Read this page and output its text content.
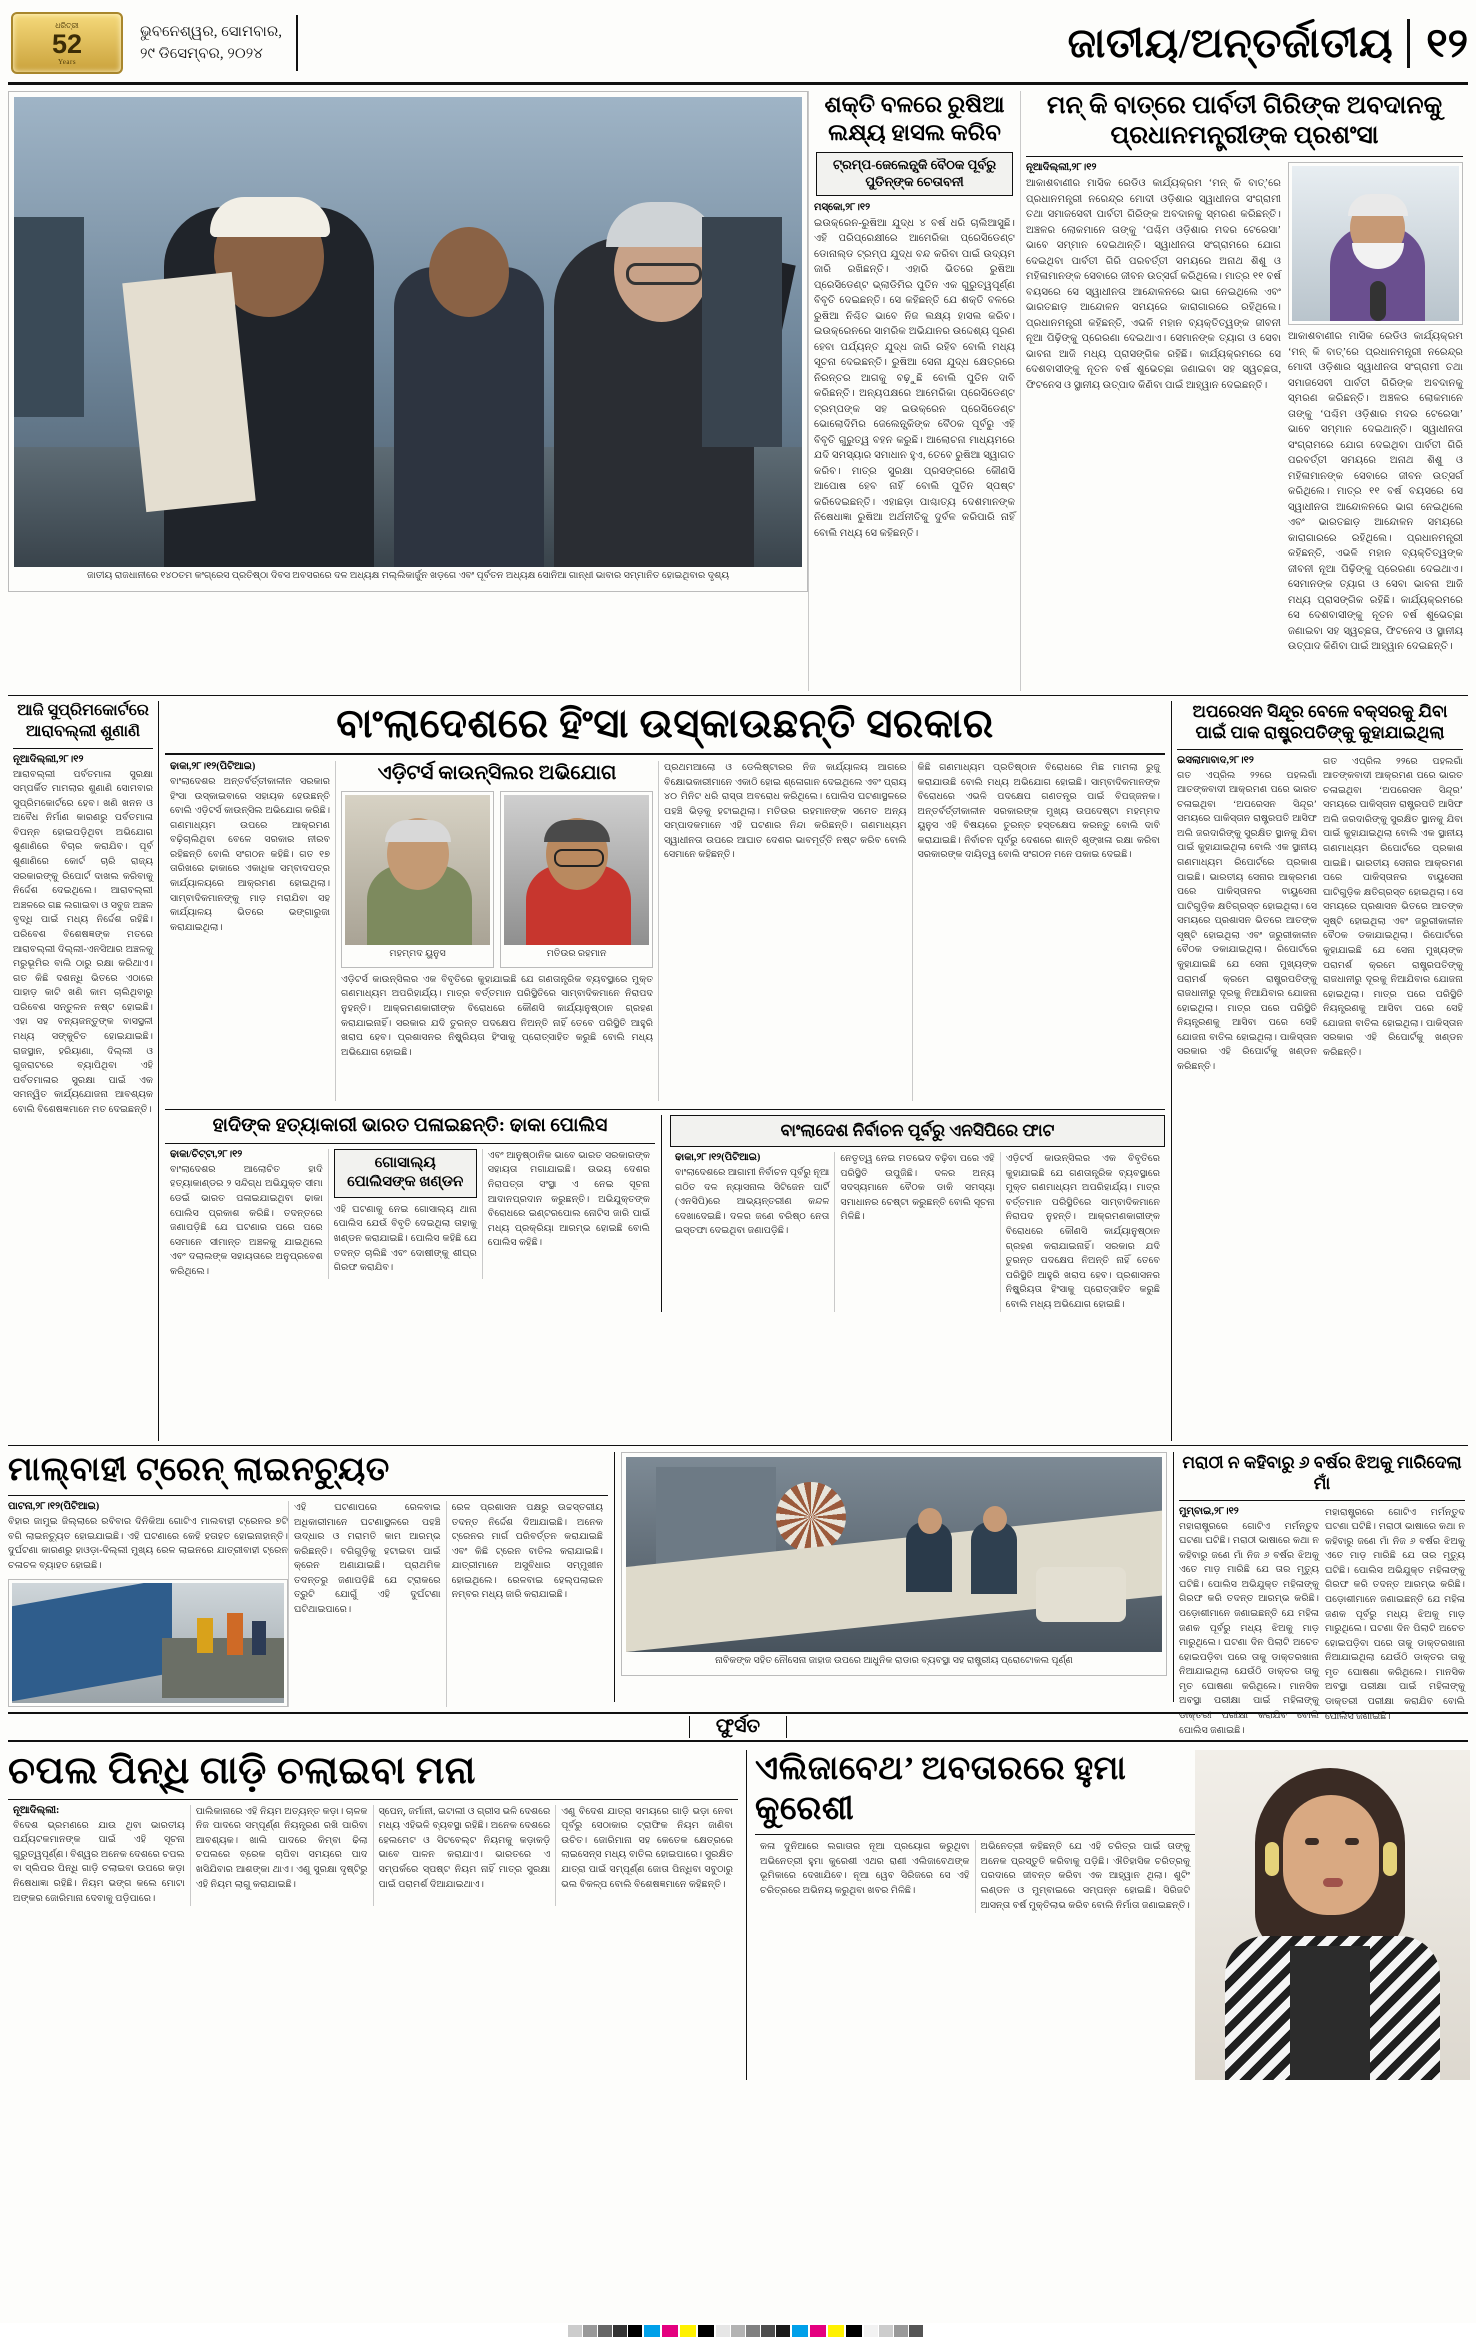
ଧରିତ୍ରୀ
52
Years
ଭୁବନେଶ୍ୱର, ସୋମବାର,
୨୯ ଡିସେମ୍ବର, ୨୦୨୪	ଜାତୀୟ/ଅନ୍ତର୍ଜାତୀୟ ୧୨
ଜାତୀୟ ରାଜଧାନୀରେ ୧୪୦ତମ କଂଗ୍ରେସ ପ୍ରତିଷ୍ଠା ଦିବସ ଅବସରରେ ଦଳ ଅଧ୍ୟକ୍ଷ ମଲ୍ଲିକାର୍ଜୁନ ଖଡ଼ଗେ ଏବଂ ପୂର୍ବତନ ଅଧ୍ୟକ୍ଷ ସୋନିଆ ଗାନ୍ଧୀ ଭାବାର ସମ୍ମାନିତ ହୋଇଥିବାର ଦୃଶ୍ୟ
ଶକ୍ତି ବଳରେ ରୁଷିଆ ଲକ୍ଷ୍ୟ ହାସଲ କରିବ
ଟ୍ରମ୍ପ-ଜେଲେନ୍ସ୍କି ବୈଠକ ପୂର୍ବରୁ ପୁତିନ୍‌ଙ୍କ ଚେତାବନୀ
ମସ୍କୋ,୨୮।୧୨
ଇଉକ୍ରେନ-ରୁଷିଆ ଯୁଦ୍ଧ ୪ ବର୍ଷ ଧରି ଚାଲିଆସୁଛି। ଏହି ପରିପ୍ରେକ୍ଷୀରେ ଆମେରିକା ପ୍ରେସିଡେଣ୍ଟ ଡୋନାଲ୍ଡ ଟ୍ରମ୍ପ ଯୁଦ୍ଧ ବନ୍ଦ କରିବା ପାଇଁ ଉଦ୍ୟମ ଜାରି ରଖିଛନ୍ତି। ଏହାରି ଭିତରେ ରୁଷିଆ ପ୍ରେସିଡେଣ୍ଟ ଭ୍ଲାଡିମିର ପୁତିନ ଏକ ଗୁରୁତ୍ୱପୂର୍ଣ୍ଣ ବିବୃତି ଦେଇଛନ୍ତି। ସେ କହିଛନ୍ତି ଯେ ଶକ୍ତି ବଳରେ ରୁଷିଆ ନିଶ୍ଚିତ ଭାବେ ନିଜ ଲକ୍ଷ୍ୟ ହାସଲ କରିବ। ଇଉକ୍ରେନରେ ସାମରିକ ଅଭିଯାନର ଉଦ୍ଦେଶ୍ୟ ପୂରଣ ହେବା ପର୍ଯ୍ୟନ୍ତ ଯୁଦ୍ଧ ଜାରି ରହିବ ବୋଲି ମଧ୍ୟ ସୂଚନା ଦେଇଛନ୍ତି। ରୁଷିଆ ସେନା ଯୁଦ୍ଧ କ୍ଷେତ୍ରରେ ନିରନ୍ତର ଆଗକୁ ବଢ଼ୁଛି ବୋଲି ପୁତିନ ଦାବି କରିଛନ୍ତି। ଅନ୍ୟପକ୍ଷରେ ଆମେରିକା ପ୍ରେସିଡେଣ୍ଟ ଟ୍ରମ୍ପଙ୍କ ସହ ଇଉକ୍ରେନ ପ୍ରେସିଡେଣ୍ଟ ଭୋଲୋଦିମିର ଜେଲେନ୍ସ୍କିଙ୍କ ବୈଠକ ପୂର୍ବରୁ ଏହି ବିବୃତି ଗୁରୁତ୍ୱ ବହନ କରୁଛି। ଆଲୋଚନା ମାଧ୍ୟମରେ ଯଦି ସମସ୍ୟାର ସମାଧାନ ହୁଏ, ତେବେ ରୁଷିଆ ସ୍ୱାଗତ କରିବ। ମାତ୍ର ସୁରକ୍ଷା ପ୍ରସଙ୍ଗରେ କୌଣସି ଆପୋଷ ହେବ ନାହିଁ ବୋଲି ପୁତିନ ସ୍ପଷ୍ଟ କରିଦେଇଛନ୍ତି। ଏହାଛଡ଼ା ପାଶ୍ଚାତ୍ୟ ଦେଶମାନଙ୍କ ନିଷେଧାଜ୍ଞା ରୁଷିଆ ଅର୍ଥନୀତିକୁ ଦୁର୍ବଳ କରିପାରି ନାହିଁ ବୋଲି ମଧ୍ୟ ସେ କହିଛନ୍ତି।
ମନ୍ କି ବାତ୍‌ରେ ପାର୍ବତୀ ଗିରିଙ୍କ ଅବଦାନକୁ ପ୍ରଧାନମନ୍ତ୍ରୀଙ୍କ ପ୍ରଶଂସା
ନୂଆଦିଲ୍ଲୀ,୨୮।୧୨
ଆକାଶବାଣୀର ମାସିକ ରେଡିଓ କାର୍ଯ୍ୟକ୍ରମ ‘ମନ୍ କି ବାତ୍‌’ରେ ପ୍ରଧାନମନ୍ତ୍ରୀ ନରେନ୍ଦ୍ର ମୋଦୀ ଓଡ଼ିଶାର ସ୍ୱାଧୀନତା ସଂଗ୍ରାମୀ ତଥା ସମାଜସେବୀ ପାର୍ବତୀ ଗିରିଙ୍କ ଅବଦାନକୁ ସ୍ମରଣ କରିଛନ୍ତି। ଅଞ୍ଚଳର ଲୋକମାନେ ତାଙ୍କୁ ‘ପଶ୍ଚିମ ଓଡ଼ିଶାର ମଦର ଟେରେସା’ ଭାବେ ସମ୍ମାନ ଦେଇଥାନ୍ତି। ସ୍ୱାଧୀନତା ସଂଗ୍ରାମରେ ଯୋଗ ଦେଇଥିବା ପାର୍ବତୀ ଗିରି ପରବର୍ତ୍ତୀ ସମୟରେ ଅନାଥ ଶିଶୁ ଓ ମହିଳାମାନଙ୍କ ସେବାରେ ଜୀବନ ଉତ୍ସର୍ଗ କରିଥିଲେ। ମାତ୍ର ୧୧ ବର୍ଷ ବୟସରେ ସେ ସ୍ୱାଧୀନତା ଆନ୍ଦୋଳନରେ ଭାଗ ନେଇଥିଲେ ଏବଂ ଭାରତଛାଡ଼ ଆନ୍ଦୋଳନ ସମୟରେ କାରାଗାରରେ ରହିଥିଲେ। ପ୍ରଧାନମନ୍ତ୍ରୀ କହିଛନ୍ତି, ଏଭଳି ମହାନ ବ୍ୟକ୍ତିତ୍ୱଙ୍କ ଜୀବନୀ ନୂଆ ପିଢ଼ିଙ୍କୁ ପ୍ରେରଣା ଦେଇଥାଏ। ସେମାନଙ୍କ ତ୍ୟାଗ ଓ ସେବା ଭାବନା ଆଜି ମଧ୍ୟ ପ୍ରାସଙ୍ଗିକ ରହିଛି। କାର୍ଯ୍ୟକ୍ରମରେ ସେ ଦେଶବାସୀଙ୍କୁ ନୂତନ ବର୍ଷ ଶୁଭେଚ୍ଛା ଜଣାଇବା ସହ ସ୍ୱଚ୍ଛତା, ଫିଟନେସ ଓ ସ୍ଥାନୀୟ ଉତ୍ପାଦ କିଣିବା ପାଇଁ ଆହ୍ୱାନ ଦେଇଛନ୍ତି।
ଆକାଶବାଣୀର ମାସିକ ରେଡିଓ କାର୍ଯ୍ୟକ୍ରମ ‘ମନ୍ କି ବାତ୍‌’ରେ ପ୍ରଧାନମନ୍ତ୍ରୀ ନରେନ୍ଦ୍ର ମୋଦୀ ଓଡ଼ିଶାର ସ୍ୱାଧୀନତା ସଂଗ୍ରାମୀ ତଥା ସମାଜସେବୀ ପାର୍ବତୀ ଗିରିଙ୍କ ଅବଦାନକୁ ସ୍ମରଣ କରିଛନ୍ତି। ଅଞ୍ଚଳର ଲୋକମାନେ ତାଙ୍କୁ ‘ପଶ୍ଚିମ ଓଡ଼ିଶାର ମଦର ଟେରେସା’ ଭାବେ ସମ୍ମାନ ଦେଇଥାନ୍ତି। ସ୍ୱାଧୀନତା ସଂଗ୍ରାମରେ ଯୋଗ ଦେଇଥିବା ପାର୍ବତୀ ଗିରି ପରବର୍ତ୍ତୀ ସମୟରେ ଅନାଥ ଶିଶୁ ଓ ମହିଳାମାନଙ୍କ ସେବାରେ ଜୀବନ ଉତ୍ସର୍ଗ କରିଥିଲେ। ମାତ୍ର ୧୧ ବର୍ଷ ବୟସରେ ସେ ସ୍ୱାଧୀନତା ଆନ୍ଦୋଳନରେ ଭାଗ ନେଇଥିଲେ ଏବଂ ଭାରତଛାଡ଼ ଆନ୍ଦୋଳନ ସମୟରେ କାରାଗାରରେ ରହିଥିଲେ। ପ୍ରଧାନମନ୍ତ୍ରୀ କହିଛନ୍ତି, ଏଭଳି ମହାନ ବ୍ୟକ୍ତିତ୍ୱଙ୍କ ଜୀବନୀ ନୂଆ ପିଢ଼ିଙ୍କୁ ପ୍ରେରଣା ଦେଇଥାଏ। ସେମାନଙ୍କ ତ୍ୟାଗ ଓ ସେବା ଭାବନା ଆଜି ମଧ୍ୟ ପ୍ରାସଙ୍ଗିକ ରହିଛି। କାର୍ଯ୍ୟକ୍ରମରେ ସେ ଦେଶବାସୀଙ୍କୁ ନୂତନ ବର୍ଷ ଶୁଭେଚ୍ଛା ଜଣାଇବା ସହ ସ୍ୱଚ୍ଛତା, ଫିଟନେସ ଓ ସ୍ଥାନୀୟ ଉତ୍ପାଦ କିଣିବା ପାଇଁ ଆହ୍ୱାନ ଦେଇଛନ୍ତି।
ଆଜି ସୁପ୍ରିମକୋର୍ଟରେ ଆରାବଲ୍ଲୀ ଶୁଣାଣି
ନୂଆଦିଲ୍ଲୀ,୨୮।୧୨
ଆରାବଲ୍ଲୀ ପର୍ବତମାଳା ସୁରକ୍ଷା ସମ୍ପର୍କିତ ମାମଲାର ଶୁଣାଣି ସୋମବାର ସୁପ୍ରିମକୋର୍ଟରେ ହେବ। ଖଣି ଖନନ ଓ ଅବୈଧ ନିର୍ମାଣ କାରଣରୁ ପର୍ବତମାଳା ବିପନ୍ନ ହୋଇପଡ଼ିଥିବା ଅଭିଯୋଗ ଶୁଣାଣିରେ ବିଚାର କରାଯିବ। ପୂର୍ବ ଶୁଣାଣିରେ କୋର୍ଟ ଚାରି ରାଜ୍ୟ ସରକାରଙ୍କୁ ରିପୋର୍ଟ ଦାଖଲ କରିବାକୁ ନିର୍ଦ୍ଦେଶ ଦେଇଥିଲେ। ଆରାବଲ୍ଲୀ ଅଞ୍ଚଳରେ ଗଛ ଲଗାଇବା ଓ ସବୁଜ ଅଞ୍ଚଳ ବୃଦ୍ଧି ପାଇଁ ମଧ୍ୟ ନିର୍ଦ୍ଦେଶ ରହିଛି। ପରିବେଶ ବିଶେଷଜ୍ଞଙ୍କ ମତରେ ଆରାବଲ୍ଲୀ ଦିଲ୍ଲୀ-ଏନସିଆର ଅଞ୍ଚଳକୁ ମରୁଭୂମିର ବାଲି ଠାରୁ ରକ୍ଷା କରିଥାଏ। ଗତ କିଛି ଦଶନ୍ଧି ଭିତରେ ଏଠାରେ ପାହାଡ଼ କାଟି ଖଣି କାମ ଚାଲିଥିବାରୁ ପରିବେଶ ସନ୍ତୁଳନ ନଷ୍ଟ ହୋଇଛି। ଏହା ସହ ବନ୍ୟଜନ୍ତୁଙ୍କ ବାସସ୍ଥଳୀ ମଧ୍ୟ ସଙ୍କୁଚିତ ହୋଇଯାଇଛି। ରାଜସ୍ଥାନ, ହରିୟାଣା, ଦିଲ୍ଲୀ ଓ ଗୁଜରାଟରେ ବ୍ୟାପିଥିବା ଏହି ପର୍ବତମାଳାର ସୁରକ୍ଷା ପାଇଁ ଏକ ସମନ୍ୱିତ କାର୍ଯ୍ୟଯୋଜନା ଆବଶ୍ୟକ ବୋଲି ବିଶେଷଜ୍ଞମାନେ ମତ ଦେଇଛନ୍ତି।
ବାଂଲାଦେଶରେ ହିଂସା ଉସ୍କାଉଛନ୍ତି ସରକାର
ଢାକା,୨୮।୧୨(ପିଟିଆଇ)
ବାଂଲାଦେଶର ଅନ୍ତର୍ବର୍ତ୍ତୀକାଳୀନ ସରକାର ହିଂସା ଉସ୍କାଇବାରେ ସହାୟକ ହେଉଛନ୍ତି ବୋଲି ଏଡ଼ିଟର୍ସ କାଉନ୍ସିଲ ଅଭିଯୋଗ କରିଛି। ଗଣମାଧ୍ୟମ ଉପରେ ଆକ୍ରମଣ ବଢ଼ିଚାଲିଥିବା ବେଳେ ସରକାର ନୀରବ ରହିଛନ୍ତି ବୋଲି ସଂଗଠନ କହିଛି। ଗତ ୧୭ ତାରିଖରେ ଢାକାରେ ଏକାଧିକ ସମ୍ବାଦପତ୍ର କାର୍ଯ୍ୟାଳୟରେ ଆକ୍ରମଣ ହୋଇଥିଲା। ସାମ୍ବାଦିକମାନଙ୍କୁ ମାଡ଼ ମରାଯିବା ସହ କାର୍ଯ୍ୟାଳୟ ଭିତରେ ଭଙ୍ଗାରୁଜା କରାଯାଇଥିଲା।
ଏଡ଼ିଟର୍ସ କାଉନ୍ସିଲର ଅଭିଯୋଗ
ମହମ୍ମଦ ୟୁନୁସ	ମତିଉର ରହମାନ
ଏଡ଼ିଟର୍ସ କାଉନ୍ସିଲର ଏକ ବିବୃତିରେ କୁହାଯାଇଛି ଯେ ଗଣତାନ୍ତ୍ରିକ ବ୍ୟବସ୍ଥାରେ ମୁକ୍ତ ଗଣମାଧ୍ୟମ ଅପରିହାର୍ଯ୍ୟ। ମାତ୍ର ବର୍ତ୍ତମାନ ପରିସ୍ଥିତିରେ ସାମ୍ବାଦିକମାନେ ନିରାପଦ ନୁହନ୍ତି। ଆକ୍ରମଣକାରୀଙ୍କ ବିରୋଧରେ କୌଣସି କାର୍ଯ୍ୟାନୁଷ୍ଠାନ ଗ୍ରହଣ କରାଯାଇନାହିଁ। ସରକାର ଯଦି ତୁରନ୍ତ ପଦକ୍ଷେପ ନିଅନ୍ତି ନାହିଁ ତେବେ ପରିସ୍ଥିତି ଆହୁରି ଖରାପ ହେବ। ପ୍ରଶାସନର ନିଷ୍କ୍ରିୟତା ହିଂସାକୁ ପ୍ରୋତ୍ସାହିତ କରୁଛି ବୋଲି ମଧ୍ୟ ଅଭିଯୋଗ ହୋଇଛି।
ପ୍ରଥମଆଲୋ ଓ ଡେଲିଷ୍ଟାରର ନିଜ କାର୍ଯ୍ୟାଳୟ ଆଗରେ ବିକ୍ଷୋଭକାରୀମାନେ ଏକାଠି ହୋଇ ଶ୍ଳୋଗାନ ଦେଇଥିଲେ ଏବଂ ପ୍ରାୟ ୪୦ ମିନିଟ ଧରି ରାସ୍ତା ଅବରୋଧ କରିଥିଲେ। ପୋଲିସ ଘଟଣାସ୍ଥଳରେ ପହଞ୍ଚି ଭିଡ଼କୁ ହଟାଇଥିଲା। ମତିଉର ରହମାନଙ୍କ ସମେତ ଅନ୍ୟ ସମ୍ପାଦକମାନେ ଏହି ଘଟଣାର ନିନ୍ଦା କରିଛନ୍ତି। ଗଣମାଧ୍ୟମ ସ୍ୱାଧୀନତା ଉପରେ ଆଘାତ ଦେଶର ଭାବମୂର୍ତ୍ତି ନଷ୍ଟ କରିବ ବୋଲି ସେମାନେ କହିଛନ୍ତି।
କିଛି ଗଣମାଧ୍ୟମ ପ୍ରତିଷ୍ଠାନ ବିରୋଧରେ ମିଛ ମାମଲା ରୁଜୁ କରାଯାଉଛି ବୋଲି ମଧ୍ୟ ଅଭିଯୋଗ ହୋଇଛି। ସାମ୍ବାଦିକମାନଙ୍କ ବିରୋଧରେ ଏଭଳି ପଦକ୍ଷେପ ଗଣତନ୍ତ୍ର ପାଇଁ ବିପଜ୍ଜନକ। ଅନ୍ତର୍ବର୍ତ୍ତୀକାଳୀନ ସରକାରଙ୍କ ମୁଖ୍ୟ ଉପଦେଷ୍ଟା ମହମ୍ମଦ ୟୁନୁସ ଏହି ବିଷୟରେ ତୁରନ୍ତ ହସ୍ତକ୍ଷେପ କରନ୍ତୁ ବୋଲି ଦାବି କରାଯାଇଛି। ନିର୍ବାଚନ ପୂର୍ବରୁ ଦେଶରେ ଶାନ୍ତି ଶୃଙ୍ଖଳା ରକ୍ଷା କରିବା ସରକାରଙ୍କ ଦାୟିତ୍ୱ ବୋଲି ସଂଗଠନ ମନେ ପକାଇ ଦେଇଛି।
ହାଦିଙ୍କ ହତ୍ୟାକାରୀ ଭାରତ ପଳାଇଛନ୍ତି: ଢାକା ପୋଲିସ
ଢାକା/ଚିଟ୍ଟା,୨୮।୧୨
ବାଂଲାଦେଶର ଆଲୋଚିତ ହାଦି ହତ୍ୟାକାଣ୍ଡର ୨ ସନ୍ଦିଗ୍ଧ ଅଭିଯୁକ୍ତ ସୀମା ଡେଇଁ ଭାରତ ପଳାଇଯାଇଥିବା ଢାକା ପୋଲିସ ପ୍ରକାଶ କରିଛି। ତଦନ୍ତରେ ଜଣାପଡ଼ିଛି ଯେ ଘଟଣାର ପରେ ପରେ ସେମାନେ ସୀମାନ୍ତ ଅଞ୍ଚଳକୁ ଯାଇଥିଲେ ଏବଂ ଦଲାଲଙ୍କ ସହାୟତାରେ ଅନୁପ୍ରବେଶ କରିଥିଲେ।
ଗୋସାଲ୍ୟ ପୋଲିସଙ୍କ ଖଣ୍ଡନ
ଏହି ଘଟଣାକୁ ନେଇ ଗୋସାଲ୍ୟ ଥାନା ପୋଲିସ ଯେଉଁ ବିବୃତି ଦେଇଥିଲା ତାହାକୁ ଖଣ୍ଡନ କରାଯାଇଛି। ପୋଲିସ କହିଛି ଯେ ତଦନ୍ତ ଚାଲିଛି ଏବଂ ଦୋଷୀଙ୍କୁ ଶୀଘ୍ର ଗିରଫ କରାଯିବ।
ଏବଂ ଆନୁଷ୍ଠାନିକ ଭାବେ ଭାରତ ସରକାରଙ୍କ ସହାୟତା ମଗାଯାଇଛି। ଉଭୟ ଦେଶର ନିରାପତ୍ତା ସଂସ୍ଥା ଏ ନେଇ ସୂଚନା ଆଦାନପ୍ରଦାନ କରୁଛନ୍ତି। ଅଭିଯୁକ୍ତଙ୍କ ବିରୋଧରେ ଇଣ୍ଟରପୋଲ ନୋଟିସ ଜାରି ପାଇଁ ମଧ୍ୟ ପ୍ରକ୍ରିୟା ଆରମ୍ଭ ହୋଇଛି ବୋଲି ପୋଲିସ କହିଛି।
ବାଂଲାଦେଶ ନିର୍ବାଚନ ପୂର୍ବରୁ ଏନସିପିରେ ଫାଟ
ଢାକା,୨୮।୧୨(ପିଟିଆଇ)
ବାଂଲାଦେଶରେ ଆଗାମୀ ନିର୍ବାଚନ ପୂର୍ବରୁ ନୂଆ ଗଠିତ ଦଳ ନ୍ୟାସନାଲ ସିଟିଜେନ ପାର୍ଟି (ଏନସିପି)ରେ ଆଭ୍ୟନ୍ତରୀଣ କନ୍ଦଳ ଦେଖାଦେଇଛି। ଦଳର ଜଣେ ବରିଷ୍ଠ ନେତା ଇସ୍ତଫା ଦେଇଥିବା ଜଣାପଡ଼ିଛି।
ନେତୃତ୍ୱ ନେଇ ମତଭେଦ ବଢ଼ିବା ପରେ ଏହି ପରିସ୍ଥିତି ଉପୁଜିଛି। ଦଳର ଅନ୍ୟ ସଦସ୍ୟମାନେ ବୈଠକ ଡାକି ସମସ୍ୟା ସମାଧାନର ଚେଷ୍ଟା କରୁଛନ୍ତି ବୋଲି ସୂଚନା ମିଳିଛି।
ଏଡ଼ିଟର୍ସ କାଉନ୍ସିଲର ଏକ ବିବୃତିରେ କୁହାଯାଇଛି ଯେ ଗଣତାନ୍ତ୍ରିକ ବ୍ୟବସ୍ଥାରେ ମୁକ୍ତ ଗଣମାଧ୍ୟମ ଅପରିହାର୍ଯ୍ୟ। ମାତ୍ର ବର୍ତ୍ତମାନ ପରିସ୍ଥିତିରେ ସାମ୍ବାଦିକମାନେ ନିରାପଦ ନୁହନ୍ତି। ଆକ୍ରମଣକାରୀଙ୍କ ବିରୋଧରେ କୌଣସି କାର୍ଯ୍ୟାନୁଷ୍ଠାନ ଗ୍ରହଣ କରାଯାଇନାହିଁ। ସରକାର ଯଦି ତୁରନ୍ତ ପଦକ୍ଷେପ ନିଅନ୍ତି ନାହିଁ ତେବେ ପରିସ୍ଥିତି ଆହୁରି ଖରାପ ହେବ। ପ୍ରଶାସନର ନିଷ୍କ୍ରିୟତା ହିଂସାକୁ ପ୍ରୋତ୍ସାହିତ କରୁଛି ବୋଲି ମଧ୍ୟ ଅଭିଯୋଗ ହୋଇଛି।
ଅପରେସନ ସିନ୍ଦୂର ବେଳେ ବକ୍ସରକୁ ଯିବା ପାଇଁ ପାକ ରାଷ୍ଟ୍ରପତିଙ୍କୁ କୁହାଯାଇଥିଲା
ଇସଲାମାବାଦ,୨୮।୧୨
ଗତ ଏପ୍ରିଲ ୨୨ରେ ପହଲଗାଁ ଆତଙ୍କବାଦୀ ଆକ୍ରମଣ ପରେ ଭାରତ ଚଳାଇଥିବା ‘ଅପରେସନ ସିନ୍ଦୂର’ ସମୟରେ ପାକିସ୍ତାନ ରାଷ୍ଟ୍ରପତି ଆସିଫ ଅଲି ଜରଦାରିଙ୍କୁ ସୁରକ୍ଷିତ ସ୍ଥାନକୁ ଯିବା ପାଇଁ କୁହାଯାଇଥିଲା ବୋଲି ଏକ ସ୍ଥାନୀୟ ଗଣମାଧ୍ୟମ ରିପୋର୍ଟରେ ପ୍ରକାଶ ପାଇଛି। ଭାରତୀୟ ସେନାର ଆକ୍ରମଣ ପରେ ପାକିସ୍ତାନର ବାୟୁସେନା ଘାଟିଗୁଡ଼ିକ କ୍ଷତିଗ୍ରସ୍ତ ହୋଇଥିଲା। ସେ ସମୟରେ ପ୍ରଶାସନ ଭିତରେ ଆତଙ୍କ ସୃଷ୍ଟି ହୋଇଥିଲା ଏବଂ ଜରୁରୀକାଳୀନ ବୈଠକ ଡକାଯାଇଥିଲା। ରିପୋର୍ଟରେ କୁହାଯାଇଛି ଯେ ସେନା ମୁଖ୍ୟଙ୍କ ପରାମର୍ଶ କ୍ରମେ ରାଷ୍ଟ୍ରପତିଙ୍କୁ ରାଜଧାନୀରୁ ଦୂରକୁ ନିଆଯିବାର ଯୋଜନା ହୋଇଥିଲା। ମାତ୍ର ପରେ ପରିସ୍ଥିତି ନିୟନ୍ତ୍ରଣକୁ ଆସିବା ପରେ ସେହି ଯୋଜନା ବାତିଲ ହୋଇଥିଲା। ପାକିସ୍ତାନ ସରକାର ଏହି ରିପୋର୍ଟକୁ ଖଣ୍ଡନ କରିଛନ୍ତି।
ଗତ ଏପ୍ରିଲ ୨୨ରେ ପହଲଗାଁ ଆତଙ୍କବାଦୀ ଆକ୍ରମଣ ପରେ ଭାରତ ଚଳାଇଥିବା ‘ଅପରେସନ ସିନ୍ଦୂର’ ସମୟରେ ପାକିସ୍ତାନ ରାଷ୍ଟ୍ରପତି ଆସିଫ ଅଲି ଜରଦାରିଙ୍କୁ ସୁରକ୍ଷିତ ସ୍ଥାନକୁ ଯିବା ପାଇଁ କୁହାଯାଇଥିଲା ବୋଲି ଏକ ସ୍ଥାନୀୟ ଗଣମାଧ୍ୟମ ରିପୋର୍ଟରେ ପ୍ରକାଶ ପାଇଛି। ଭାରତୀୟ ସେନାର ଆକ୍ରମଣ ପରେ ପାକିସ୍ତାନର ବାୟୁସେନା ଘାଟିଗୁଡ଼ିକ କ୍ଷତିଗ୍ରସ୍ତ ହୋଇଥିଲା। ସେ ସମୟରେ ପ୍ରଶାସନ ଭିତରେ ଆତଙ୍କ ସୃଷ୍ଟି ହୋଇଥିଲା ଏବଂ ଜରୁରୀକାଳୀନ ବୈଠକ ଡକାଯାଇଥିଲା। ରିପୋର୍ଟରେ କୁହାଯାଇଛି ଯେ ସେନା ମୁଖ୍ୟଙ୍କ ପରାମର୍ଶ କ୍ରମେ ରାଷ୍ଟ୍ରପତିଙ୍କୁ ରାଜଧାନୀରୁ ଦୂରକୁ ନିଆଯିବାର ଯୋଜନା ହୋଇଥିଲା। ମାତ୍ର ପରେ ପରିସ୍ଥିତି ନିୟନ୍ତ୍ରଣକୁ ଆସିବା ପରେ ସେହି ଯୋଜନା ବାତିଲ ହୋଇଥିଲା। ପାକିସ୍ତାନ ସରକାର ଏହି ରିପୋର୍ଟକୁ ଖଣ୍ଡନ କରିଛନ୍ତି।
ମାଲ୍‌ବାହୀ ଟ୍ରେନ୍ ଲାଇନଚ୍ୟୁତ
ପାଟନା,୨୮।୧୨(ପିଟିଆଇ)
ବିହାର ଜାମୁଇ ଜିଲ୍ଲାରେ ରବିବାର ଦିନିକିଆ ଗୋଟିଏ ମାଲବାହୀ ଟ୍ରେନର ୭ଟି ବଗି ଲାଇନଚ୍ୟୁତ ହୋଇଯାଇଛି। ଏହି ଘଟଣାରେ କେହି ହତାହତ ହୋଇନାହାନ୍ତି। ଦୁର୍ଘଟଣା କାରଣରୁ ହାଓଡ଼ା-ଦିଲ୍ଲୀ ମୁଖ୍ୟ ରେଳ ଲାଇନରେ ଯାତ୍ରୀବାହୀ ଟ୍ରେନ ଚଳାଚଳ ବ୍ୟାହତ ହୋଇଛି।
ଏହି ଘଟଣାପରେ ରେଳବାଇ ଅଧିକାରୀମାନେ ଘଟଣାସ୍ଥଳରେ ପହଞ୍ଚି ଉଦ୍ଧାର ଓ ମରାମତି କାମ ଆରମ୍ଭ କରିଛନ୍ତି। ବଗିଗୁଡ଼ିକୁ ହଟାଇବା ପାଇଁ କ୍ରେନ ଅଣାଯାଇଛି। ପ୍ରାଥମିକ ତଦନ୍ତରୁ ଜଣାପଡ଼ିଛି ଯେ ଟ୍ରାକରେ ତ୍ରୁଟି ଯୋଗୁଁ ଏହି ଦୁର୍ଘଟଣା ଘଟିଥାଇପାରେ।
ରେଳ ପ୍ରଶାସନ ପକ୍ଷରୁ ଉଚ୍ଚସ୍ତରୀୟ ତଦନ୍ତ ନିର୍ଦ୍ଦେଶ ଦିଆଯାଇଛି। ଅନେକ ଟ୍ରେନର ମାର୍ଗ ପରିବର୍ତ୍ତନ କରାଯାଇଛି ଏବଂ କିଛି ଟ୍ରେନ ବାତିଲ କରାଯାଇଛି। ଯାତ୍ରୀମାନେ ଅସୁବିଧାର ସମ୍ମୁଖୀନ ହୋଇଥିଲେ। ରେଳବାଇ ହେଲ୍ପଲାଇନ ନମ୍ବର ମଧ୍ୟ ଜାରି କରାଯାଇଛି।
ନାବିକଙ୍କ ସହିତ ନୌସେନା ଜାହାଜ ଉପରେ ଆଧୁନିକ ରାଡାର ବ୍ୟବସ୍ଥା ସହ ରାଷ୍ଟ୍ରୀୟ ପ୍ରୋଟୋକଲ ପୂର୍ଣ୍ଣ
ମରାଠୀ ନ କହିବାରୁ ୬ ବର୍ଷର ଝିଅକୁ ମାରିଦେଲା ମାଁ
ମୁମ୍ବାଇ,୨୮।୧୨
ମହାରାଷ୍ଟ୍ରରେ ଗୋଟିଏ ମର୍ମନ୍ତୁଦ ଘଟଣା ଘଟିଛି। ମରାଠୀ ଭାଷାରେ କଥା ନ କହିବାରୁ ଜଣେ ମାଁ ନିଜ ୬ ବର୍ଷର ଝିଅକୁ ଏତେ ମାଡ଼ ମାରିଛି ଯେ ତାର ମୃତ୍ୟୁ ଘଟିଛି। ପୋଲିସ ଅଭିଯୁକ୍ତ ମହିଳାଙ୍କୁ ଗିରଫ କରି ତଦନ୍ତ ଆରମ୍ଭ କରିଛି। ପଡ଼ୋଶୀମାନେ ଜଣାଇଛନ୍ତି ଯେ ମହିଳା ଜଣକ ପୂର୍ବରୁ ମଧ୍ୟ ଝିଅକୁ ମାଡ଼ ମାରୁଥିଲେ। ଘଟଣା ଦିନ ପିଲାଟି ଅଚେତ ହୋଇପଡ଼ିବା ପରେ ତାକୁ ଡାକ୍ତରଖାନା ନିଆଯାଇଥିଲା ଯେଉଁଠି ଡାକ୍ତର ତାକୁ ମୃତ ଘୋଷଣା କରିଥିଲେ। ମାନସିକ ଅବସ୍ଥା ପରୀକ୍ଷା ପାଇଁ ମହିଳାଙ୍କୁ ଡାକ୍ତରୀ ପରୀକ୍ଷା କରାଯିବ ବୋଲି ପୋଲିସ ଜଣାଇଛି।
ମହାରାଷ୍ଟ୍ରରେ ଗୋଟିଏ ମର୍ମନ୍ତୁଦ ଘଟଣା ଘଟିଛି। ମରାଠୀ ଭାଷାରେ କଥା ନ କହିବାରୁ ଜଣେ ମାଁ ନିଜ ୬ ବର୍ଷର ଝିଅକୁ ଏତେ ମାଡ଼ ମାରିଛି ଯେ ତାର ମୃତ୍ୟୁ ଘଟିଛି। ପୋଲିସ ଅଭିଯୁକ୍ତ ମହିଳାଙ୍କୁ ଗିରଫ କରି ତଦନ୍ତ ଆରମ୍ଭ କରିଛି। ପଡ଼ୋଶୀମାନେ ଜଣାଇଛନ୍ତି ଯେ ମହିଳା ଜଣକ ପୂର୍ବରୁ ମଧ୍ୟ ଝିଅକୁ ମାଡ଼ ମାରୁଥିଲେ। ଘଟଣା ଦିନ ପିଲାଟି ଅଚେତ ହୋଇପଡ଼ିବା ପରେ ତାକୁ ଡାକ୍ତରଖାନା ନିଆଯାଇଥିଲା ଯେଉଁଠି ଡାକ୍ତର ତାକୁ ମୃତ ଘୋଷଣା କରିଥିଲେ। ମାନସିକ ଅବସ୍ଥା ପରୀକ୍ଷା ପାଇଁ ମହିଳାଙ୍କୁ ଡାକ୍ତରୀ ପରୀକ୍ଷା କରାଯିବ ବୋଲି ପୋଲିସ ଜଣାଇଛି।
ଫୁର୍ସତ
ଚପଲ ପିନ୍ଧି ଗାଡ଼ି ଚଲାଇବା ମନା
ନୂଆଦିଲ୍ଲୀ:
ବିଦେଶ ଭ୍ରମଣରେ ଯାଉ ଥିବା ଭାରତୀୟ ପର୍ଯ୍ୟଟକମାନଙ୍କ ପାଇଁ ଏହି ସୂଚନା ଗୁରୁତ୍ୱପୂର୍ଣ୍ଣ। ବିଶ୍ୱର ଅନେକ ଦେଶରେ ଚପଲ ବା ସ୍ଲିପର ପିନ୍ଧି ଗାଡ଼ି ଚଲାଇବା ଉପରେ କଡ଼ା ନିଷେଧାଜ୍ଞା ରହିଛି। ନିୟମ ଭଙ୍ଗ କଲେ ମୋଟା ଅଙ୍କର ଜୋରିମାନା ଦେବାକୁ ପଡ଼ିପାରେ।
ପାଲିକାନାରେ ଏହି ନିୟମ ଅତ୍ୟନ୍ତ କଡ଼ା। ଚାଳକ ନିଜ ପାଦରେ ସମ୍ପୂର୍ଣ୍ଣ ନିୟନ୍ତ୍ରଣ ରଖି ପାରିବା ଆବଶ୍ୟକ। ଖାଲି ପାଦରେ କିମ୍ବା ଢିଲା ଚପଲରେ ବ୍ରେକ ଚାପିବା ସମୟରେ ପାଦ ଖସିଯିବାର ଆଶଙ୍କା ଥାଏ। ଏଣୁ ସୁରକ୍ଷା ଦୃଷ୍ଟିରୁ ଏହି ନିୟମ ଲାଗୁ କରାଯାଇଛି।
ସ୍ପେନ୍, ଜର୍ମାନୀ, ଇଟାଲୀ ଓ ଗ୍ରୀସ ଭଳି ଦେଶରେ ମଧ୍ୟ ଏହିଭଳି ବ୍ୟବସ୍ଥା ରହିଛି। ଅନେକ ଦେଶରେ ହେଲମେଟ ଓ ସିଟବେଲ୍ଟ ନିୟମକୁ କଡ଼ାକଡ଼ି ଭାବେ ପାଳନ କରାଯାଏ। ଭାରତରେ ଏ ସମ୍ପର୍କରେ ସ୍ପଷ୍ଟ ନିୟମ ନାହିଁ ମାତ୍ର ସୁରକ୍ଷା ପାଇଁ ପରାମର୍ଶ ଦିଆଯାଇଥାଏ।
ଏଣୁ ବିଦେଶ ଯାତ୍ରା ସମୟରେ ଗାଡ଼ି ଭଡ଼ା ନେବା ପୂର୍ବରୁ ସେଠାକାର ଟ୍ରାଫିକ ନିୟମ ଜାଣିବା ଉଚିତ। ଜୋରିମାନା ସହ କେତେକ କ୍ଷେତ୍ରରେ ଲାଇସେନ୍ସ ମଧ୍ୟ ବାତିଲ ହୋଇପାରେ। ସୁରକ୍ଷିତ ଯାତ୍ରା ପାଇଁ ସମ୍ପୂର୍ଣ୍ଣ ଜୋତା ପିନ୍ଧିବା ସବୁଠାରୁ ଭଲ ବିକଳ୍ପ ବୋଲି ବିଶେଷଜ୍ଞମାନେ କହିଛନ୍ତି।
ଏଲିଜାବେଥ’ ଅବତାରରେ ହୁମା କୁରେଶୀ
କଳା ଦୁନିଆରେ ଲଗାତାର ନୂଆ ପ୍ରୟୋଗ କରୁଥିବା ଅଭିନେତ୍ରୀ ହୁମା କୁରେଶୀ ଏଥର ରାଣୀ ଏଲିଜାବେଥଙ୍କ ଭୂମିକାରେ ଦେଖାଯିବେ। ନୂଆ ୱେବ ସିରିଜରେ ସେ ଏହି ଚରିତ୍ରରେ ଅଭିନୟ କରୁଥିବା ଖବର ମିଳିଛି।
ଅଭିନେତ୍ରୀ କହିଛନ୍ତି ଯେ ଏହି ଚରିତ୍ର ପାଇଁ ତାଙ୍କୁ ଅନେକ ପ୍ରସ୍ତୁତି କରିବାକୁ ପଡ଼ିଛି। ଐତିହାସିକ ଚରିତ୍ରକୁ ପରଦାରେ ଜୀବନ୍ତ କରିବା ଏକ ଆହ୍ୱାନ ଥିଲା। ଶୁଟିଂ ଲଣ୍ଡନ ଓ ମୁମ୍ବାଇରେ ସମ୍ପନ୍ନ ହୋଇଛି। ସିରିଜଟି ଆସନ୍ତା ବର୍ଷ ମୁକ୍ତିଲାଭ କରିବ ବୋଲି ନିର୍ମାତା ଜଣାଇଛନ୍ତି।
